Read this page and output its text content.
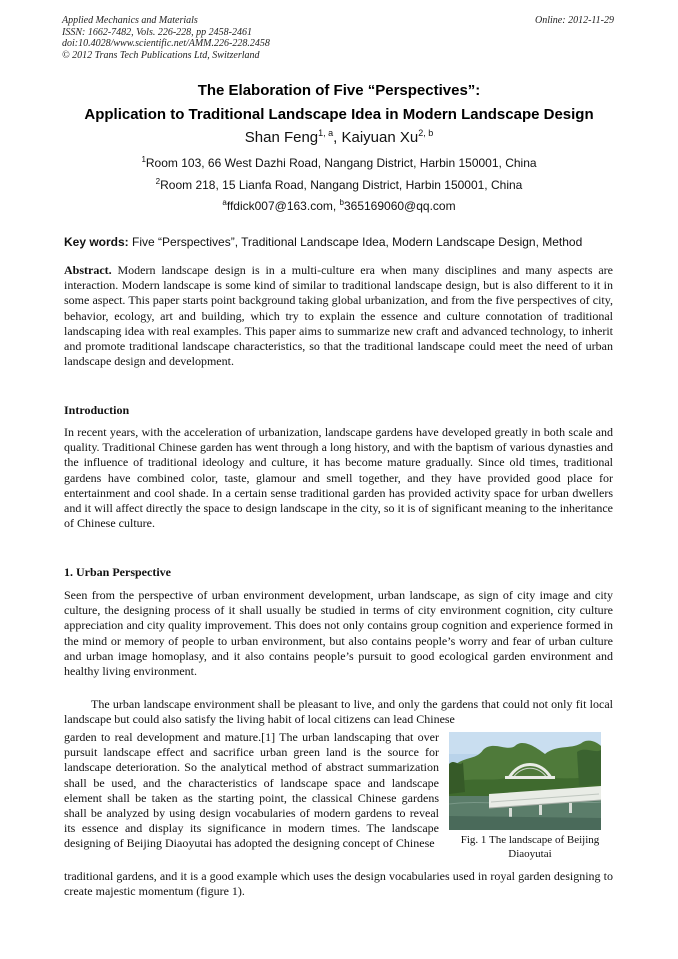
Applied Mechanics and Materials
ISSN: 1662-7482, Vols. 226-228, pp 2458-2461
doi:10.4028/www.scientific.net/AMM.226-228.2458
© 2012 Trans Tech Publications Ltd, Switzerland
Online: 2012-11-29
The Elaboration of Five “Perspectives”:
Application to Traditional Landscape Idea in Modern Landscape Design
Shan Feng$^{1, a}$, Kaiyuan Xu$^{2, b}$
$^1$Room 103, 66 West Dazhi Road, Nangang District, Harbin 150001, China
$^2$Room 218, 15 Lianfa Road, Nangang District, Harbin 150001, China
$^a$ffdick007@163.com, $^b$365169060@qq.com
Key words: Five “Perspectives”, Traditional Landscape Idea, Modern Landscape Design, Method
Abstract. Modern landscape design is in a multi-culture era when many disciplines and many aspects are interaction. Modern landscape is some kind of similar to traditional landscape design, but is also different to it in some aspect. This paper starts point background taking global urbanization, and from the five perspectives of city, behavior, ecology, art and building, which try to explain the essence and culture connotation of traditional landscaping idea with real examples. This paper aims to summarize new craft and advanced technology, to inherit and promote traditional landscape characteristics, so that the traditional landscape could meet the need of urban landscape design and development.
Introduction
In recent years, with the acceleration of urbanization, landscape gardens have developed greatly in both scale and quality. Traditional Chinese garden has went through a long history, and with the baptism of various dynasties and the influence of traditional ideology and culture, it has become mature gradually. Since old times, traditional gardens have combined color, taste, glamour and smell together, and they have provided good place for entertainment and cool shade. In a certain sense traditional garden has provided activity space for urban dwellers and it will affect directly the space to design landscape in the city, so it is of significant meaning to the inheritance of Chinese culture.
1. Urban Perspective
Seen from the perspective of urban environment development, urban landscape, as sign of city image and city culture, the designing process of it shall usually be studied in terms of city environment cognition, city culture appreciation and city quality improvement. This does not only contains group cognition and experience formed in the mind or memory of people to urban environment, but also contains people’s worry and fear of urban culture and urban image homoplasy, and it also contains people’s pursuit to good ecological garden environment and healthy living environment.
The urban landscape environment shall be pleasant to live, and only the gardens that could not only fit local landscape but could also satisfy the living habit of local citizens can lead Chinese
garden to real development and mature.[1] The urban landscaping that over pursuit landscape effect and sacrifice urban green land is the source for landscape deterioration. So the analytical method of abstract summarization shall be used, and the characteristics of landscape space and landscape element shall be taken as the starting point, the classical Chinese gardens shall be analyzed by using design vocabularies of modern gardens to reveal its essence and display its significance in modern times. The landscape designing of Beijing Diaoyutai has adopted the designing concept of Chinese	Fig. 1 The landscape of Beijing
Diaoyutai
traditional gardens, and it is a good example which uses the design vocabularies used in royal garden designing to create majestic momentum (figure 1).
